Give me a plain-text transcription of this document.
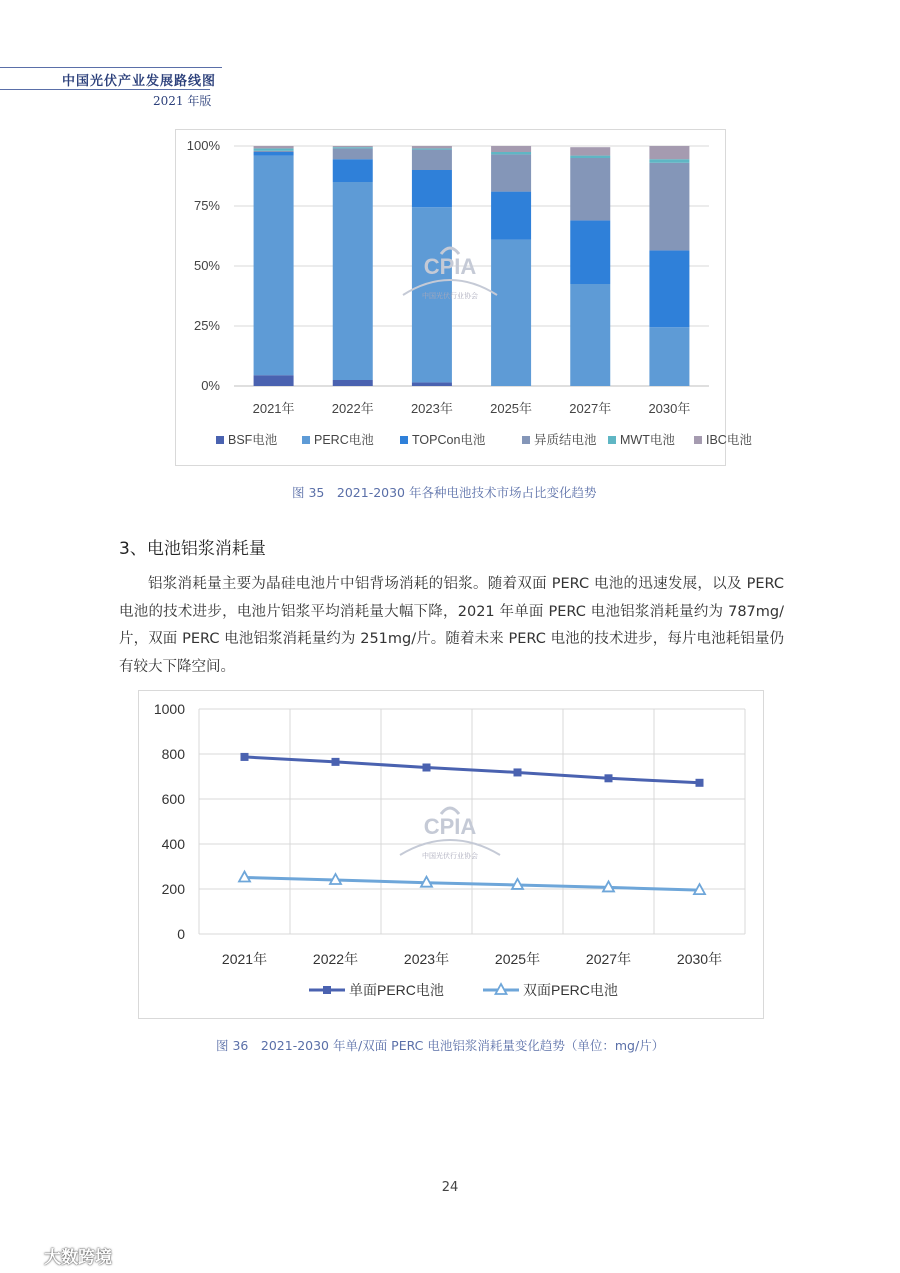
中国光伏产业发展路线图
2021 年版
0%
25%
50%
75%
100%
2021年	2022年	2023年	2025年	2027年	2030年
BSF电池	PERC电池	TOPCon电池	异质结电池 MWT电池 IBC电池
CPIA
中国光伏行业协会
图 35　2021-2030 年各种电池技术市场占比变化趋势
3、电池铝浆消耗量
铝浆消耗量主要为晶硅电池片中铝背场消耗的铝浆。随着双面 PERC 电池的迅速发展，以及 PERC 电池的技术进步，电池片铝浆平均消耗量大幅下降，2021 年单面 PERC 电池铝浆消耗量约为 787mg/片，双面 PERC 电池铝浆消耗量约为 251mg/片。随着未来 PERC 电池的技术进步，每片电池耗铝量仍有较大下降空间。
0
200
400
600
800
1000
2021年	2022年	2023年	2025年	2027年	2030年
单面PERC电池	双面PERC电池
CPIA
中国光伏行业协会
图 36　2021-2030 年单/双面 PERC 电池铝浆消耗量变化趋势（单位：mg/片）
24
大数跨境
